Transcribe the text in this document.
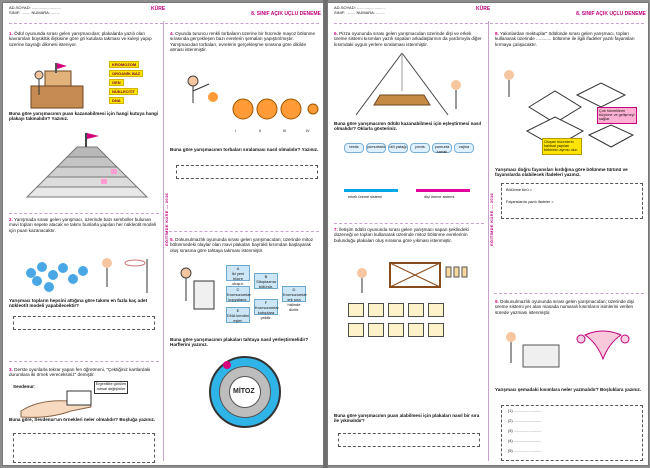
AD-SOYAD: ..........................
SINIF: ........ NUMARA: ........
KÜRE
8. SINIF AÇIK UÇLU DENEME
EĞİTİMDE KÜRE — 2016
1. Ödül oyununda sırası gelen yarışmacıdan; plakalarda yazılı olan kavramları büyüklük ilişkisine göre gri kutulara takması ve kuleyi yapıp üzerine bayrağı dikmesi isteniyor.
KROMOZOM
ORGANİK BAZ
GEN
NÜKLEOTİT
DNA
Buna göre yarışmacının puan kazanabilmesi için hangi kutuya hangi plakayı takmalıdır? Yazınız.
2. Yarışmada sırası gelen yarışmacı, üzerinde bazı semboller bulunan mavi topları sepete atacak ve takmı bunlarla yapılan her nükleotit modeli için puan kazanacaktır.
Yarışmacı topların hepsini attığına göre takımı en fazla kaç adet nükleotit modeli yapabilecektir?
3. Derste oyunlarla tekrar yapan fen öğretmeni, "Çektiğiniz kartlardaki durumlara iki örnek vereceksiniz" demiştir.
Sevdenur:	Ergenlikte görülen ruhsal değişimler
Buna göre, Sevdenur'un örnekleri neler olmalıdır? Boşluğa yazınız.
4. Oyunda turuncu renkli torbaların üzerine bir hücrede mayoz bölünme sırasında gerçekleşen bazı evrelerin şemaları yapıştırılmıştır. Yarışmacıdan torbaları, evrelerin gerçekleşme sırasına göre dikilde atması istenmiştir.
I	II	III	IV
Buna göre yarışmacının torbaları sıralaması nasıl olmalıdır? Yazınız.
5. Dokunulmazlık oyununda sırası gelen yarışmacıdan; üzerinde mitoz bölünmedeki olaylar olan mavi plakaları bayrakli kısımdan başlayarak oluş sırasına göre tahtaya takması istenmiştir.
A
İki yeni hücre oluşur.
B
Sitoplazma bölünür.
C
Kromozomlar kopyalanır.
D
Kromozomlar tek sıra hâlinde dizilir.
E
DNA kendini eşler.
F
Kromozomlar kutuplara çekilir.
Buna göre yarışmacının plakaları tahtaya nasıl yerleştirmelidir? Harflerini yazınız.
MİTOZ
AD-SOYAD: ..........................
SINIF: ........ NUMARA: ........
KÜRE
8. SINIF AÇIK UÇLU DENEME
EĞİTİMDE KÜRE — 2016
6. Pizza oyununda sırası gelen yarışmacıdan üzerinde dişi ve erkek üreme sistemi kısımları yazılı sopaları arkadaşlarının da yardımıyla diğer kısımdaki uygun yerlere sıralaması istenmiştir.
Buna göre yarışmacının ödülü kazanabilmesi için eşleştirmesi nasıl olmalıdır? Oklarla gösteriniz.
testis	yumurtalık döl yatağı	penis	yumurta kanalı
vajina
erkek üreme sistemi	dişi üreme sistemi
7. İletişim ödülü oyununda sırası gelen yarışmacı sapan şeklindeki düzeneği ve topları kullanarak üzerinde mitoz bölünme evrelerinin bulunduğu plakaları oluş sırasına göre yıkması istenmiştir.
Buna göre yarışmacının puan alabilmesi için plakaları nasıl bir sıra ile yıkmalıdır?
8. Yakınlardan mektuplar" ödülünde sırası gelen yarışmacı, topları kullanarak üzerinde ............ bölünme ile ilgili ifadeler yazılı fayansları kırmaya çalışacaktır.
Çok hücrelilerin büyüme ve gelişmeyi sağlar.
Oluşan hücrelerin kalıtsal yapıları birbirinin aynısı olur.
Yarışmacı doğru fayansları kırdığına göre bölünme türünü ve fayanslarda olabilecek ifadeleri yazınız.
Bölünme türü =
Fayanslarda yazılı ifadeler =
9. Dokunulmazlık oyununda sırası gelen yarışmacıdan; üzerinde dişi üreme sistemi yer alan masada numaralı kısımların isimlerini verilen sürede yazması istenmiştir.
Yarışmacı şemadaki kısımlara neler yazmalıdır? Boşluklara yazınız.
(1) ..........................
(2) ..........................
(3) ..........................
(4) ..........................
(5) ..........................
